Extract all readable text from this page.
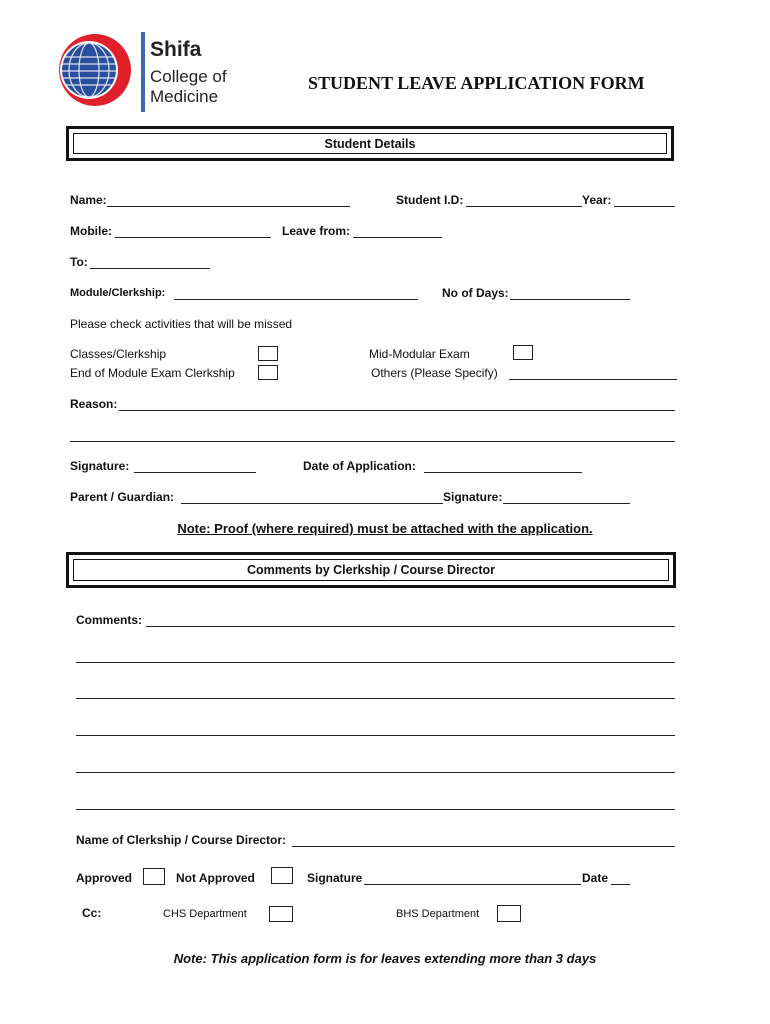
Shifa
College of
Medicine
STUDENT LEAVE APPLICATION FORM
Student Details
Name:	Student I.D:	Year:
Mobile:	Leave from:
To:
Module/Clerkship:	No of Days:
Please check activities that will be missed
Classes/Clerkship	Mid-Modular Exam
End of Module Exam Clerkship	Others (Please Specify)
Reason:
Signature:	Date of Application:
Parent / Guardian:	Signature:
Note: Proof (where required) must be attached with the application.
Comments by Clerkship / Course Director
Comments:
Name of Clerkship / Course Director:
Approved	Not Approved	Signature	Date
Cc:	CHS Department	BHS Department
Note: This application form is for leaves extending more than 3 days
